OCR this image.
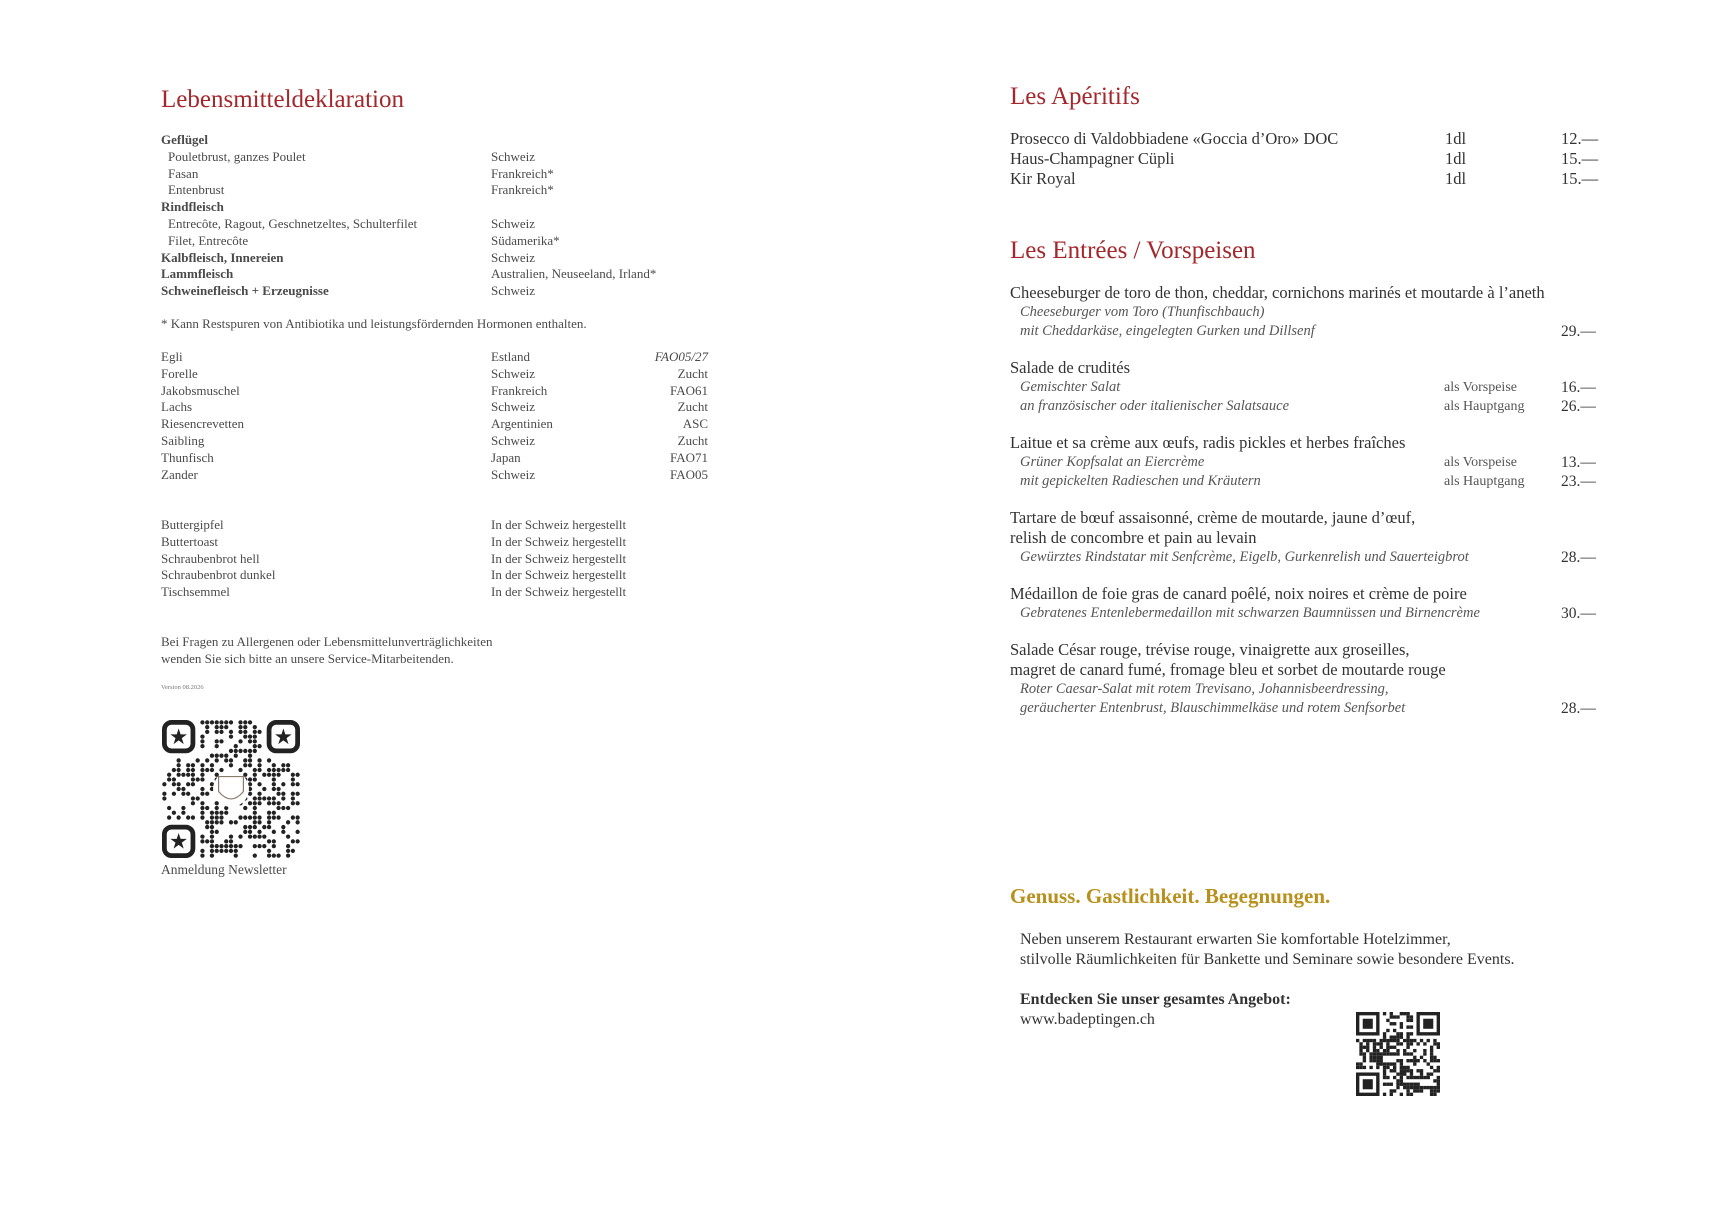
Lebensmitteldeklaration
Geflügel
Pouletbrust, ganzes Poulet	Schweiz
Fasan	Frankreich*
Entenbrust	Frankreich*
Rindfleisch
Entrecôte, Ragout, Geschnetzeltes, Schulterfilet	Schweiz
Filet, Entrecôte	Südamerika*
Kalbfleisch, Innereien	Schweiz
Lammfleisch	Australien, Neuseeland, Irland*
Schweinefleisch + Erzeugnisse	Schweiz
* Kann Restspuren von Antibiotika und leistungsfördernden Hormonen enthalten.
Egli	Estland	FAO05/27
Forelle	Schweiz	Zucht
Jakobsmuschel	Frankreich	FAO61
Lachs	Schweiz	Zucht
Riesencrevetten	Argentinien	ASC
Saibling	Schweiz	Zucht
Thunfisch	Japan	FAO71
Zander	Schweiz	FAO05
Buttergipfel	In der Schweiz hergestellt
Buttertoast	In der Schweiz hergestellt
Schraubenbrot hell	In der Schweiz hergestellt
Schraubenbrot dunkel	In der Schweiz hergestellt
Tischsemmel	In der Schweiz hergestellt
Bei Fragen zu Allergenen oder Lebensmittelunverträglichkeiten
wenden Sie sich bitte an unsere Service-Mitarbeitenden.
Version 08.2026
★	★
★
Anmeldung Newsletter
Les Apéritifs
Prosecco di Valdobbiadene «Goccia d’Oro» DOC	1dl	12.—
Haus-Champagner Cüpli	1dl	15.—
Kir Royal	1dl	15.—
Les Entrées / Vorspeisen
Cheeseburger de toro de thon, cheddar, cornichons marinés et moutarde à l’aneth
Cheeseburger vom Toro (Thunfischbauch)
mit Cheddarkäse, eingelegten Gurken und Dillsenf	29.—
Salade de crudités
Gemischter Salat	als Vorspeise	16.—
an französischer oder italienischer Salatsauce	als Hauptgang 26.—
Laitue et sa crème aux œufs, radis pickles et herbes fraîches
Grüner Kopfsalat an Eiercrème	als Vorspeise	13.—
mit gepickelten Radieschen und Kräutern	als Hauptgang 23.—
Tartare de bœuf assaisonné, crème de moutarde, jaune d’œuf,
relish de concombre et pain au levain
Gewürztes Rindstatar mit Senfcrème, Eigelb, Gurkenrelish und Sauerteigbrot	28.—
Médaillon de foie gras de canard poêlé, noix noires et crème de poire
Gebratenes Entenlebermedaillon mit schwarzen Baumnüssen und Birnencrème	30.—
Salade César rouge, trévise rouge, vinaigrette aux groseilles,
magret de canard fumé, fromage bleu et sorbet de moutarde rouge
Roter Caesar-Salat mit rotem Trevisano, Johannisbeerdressing,
geräucherter Entenbrust, Blauschimmelkäse und rotem Senfsorbet	28.—
Genuss. Gastlichkeit. Begegnungen.
Neben unserem Restaurant erwarten Sie komfortable Hotelzimmer,
stilvolle Räumlichkeiten für Bankette und Seminare sowie besondere Events.
Entdecken Sie unser gesamtes Angebot:
www.badeptingen.ch
